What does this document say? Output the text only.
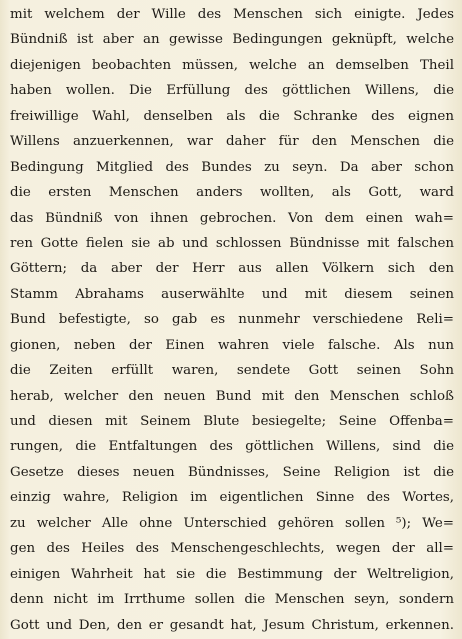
mit welchem der Wille des Menschen sich einigte. Jedes
Bündniß ist aber an gewisse Bedingungen geknüpft, welche
diejenigen beobachten müssen, welche an demselben Theil
haben wollen. Die Erfüllung des göttlichen Willens, die
freiwillige Wahl, denselben als die Schranke des eignen
Willens anzuerkennen, war daher für den Menschen die
Bedingung Mitglied des Bundes zu seyn. Da aber schon
die ersten Menschen anders wollten, als Gott, ward
das Bündniß von ihnen gebrochen. Von dem einen wah=
ren Gotte fielen sie ab und schlossen Bündnisse mit falschen
Göttern; da aber der Herr aus allen Völkern sich den
Stamm Abrahams auserwählte und mit diesem seinen
Bund befestigte, so gab es nunmehr verschiedene Reli=
gionen, neben der Einen wahren viele falsche. Als nun
die Zeiten erfüllt waren, sendete Gott seinen Sohn
herab, welcher den neuen Bund mit den Menschen schloß
und diesen mit Seinem Blute besiegelte; Seine Offenba=
rungen, die Entfaltungen des göttlichen Willens, sind die
Gesetze dieses neuen Bündnisses, Seine Religion ist die
einzig wahre, Religion im eigentlichen Sinne des Wortes,
zu welcher Alle ohne Unterschied gehören sollen ⁵); We=
gen des Heiles des Menschengeschlechts, wegen der all=
einigen Wahrheit hat sie die Bestimmung der Weltreligion,
denn nicht im Irrthume sollen die Menschen seyn, sondern
Gott und Den, den er gesandt hat, Jesum Christum, erkennen.
